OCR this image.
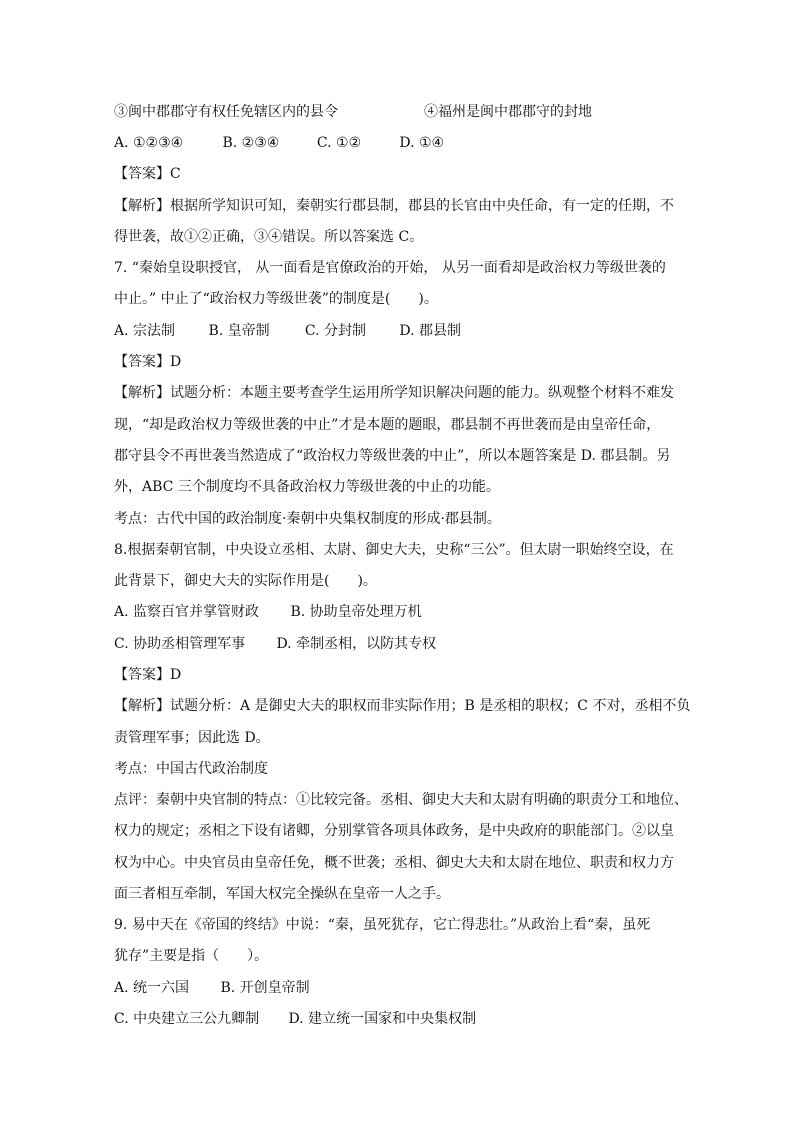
③闽中郡郡守有权任免辖区内的县令	④福州是闽中郡郡守的封地
A. ①②③④	B. ②③④	C. ①②	D. ①④
【答案】C
【解析】根据所学知识可知，秦朝实行郡县制，郡县的长官由中央任命，有一定的任期，不
得世袭，故①②正确，③④错误。所以答案选 C。
7. “秦始皇设职授官， 从一面看是官僚政治的开始， 从另一面看却是政治权力等级世袭的
中止。” 中止了“政治权力等级世袭”的制度是(　　)。
A. 宗法制 B. 皇帝制	C. 分封制 D. 郡县制
【答案】D
【解析】试题分析：本题主要考查学生运用所学知识解决问题的能力。纵观整个材料不难发
现，“却是政治权力等级世袭的中止”才是本题的题眼，郡县制不再世袭而是由皇帝任命，
郡守县令不再世袭当然造成了“政治权力等级世袭的中止”，所以本题答案是 D. 郡县制。另
外，ABC 三个制度均不具备政治权力等级世袭的中止的功能。
考点：古代中国的政治制度·秦朝中央集权制度的形成·郡县制。
8.根据秦朝官制，中央设立丞相、太尉、御史大夫，史称“三公”。但太尉一职始终空设，在
此背景下，御史大夫的实际作用是(　　)。
A. 监察百官并掌管财政 B. 协助皇帝处理万机
C. 协助丞相管理军事 D. 牵制丞相，以防其专权
【答案】D
【解析】试题分析：A 是御史大夫的职权而非实际作用；B 是丞相的职权；C 不对，丞相不负
责管理军事；因此选 D。
考点：中国古代政治制度
点评：秦朝中央官制的特点：①比较完备。丞相、御史大夫和太尉有明确的职责分工和地位、
权力的规定；丞相之下设有诸卿，分别掌管各项具体政务，是中央政府的职能部门。②以皇
权为中心。中央官员由皇帝任免，概不世袭；丞相、御史大夫和太尉在地位、职责和权力方
面三者相互牵制，军国大权完全操纵在皇帝一人之手。
9. 易中天在《帝国的终结》中说：“秦，虽死犹存，它亡得悲壮。”从政治上看“秦，虽死
犹存”主要是指（　　）。
A. 统一六国 B. 开创皇帝制
C. 中央建立三公九卿制 D. 建立统一国家和中央集权制
